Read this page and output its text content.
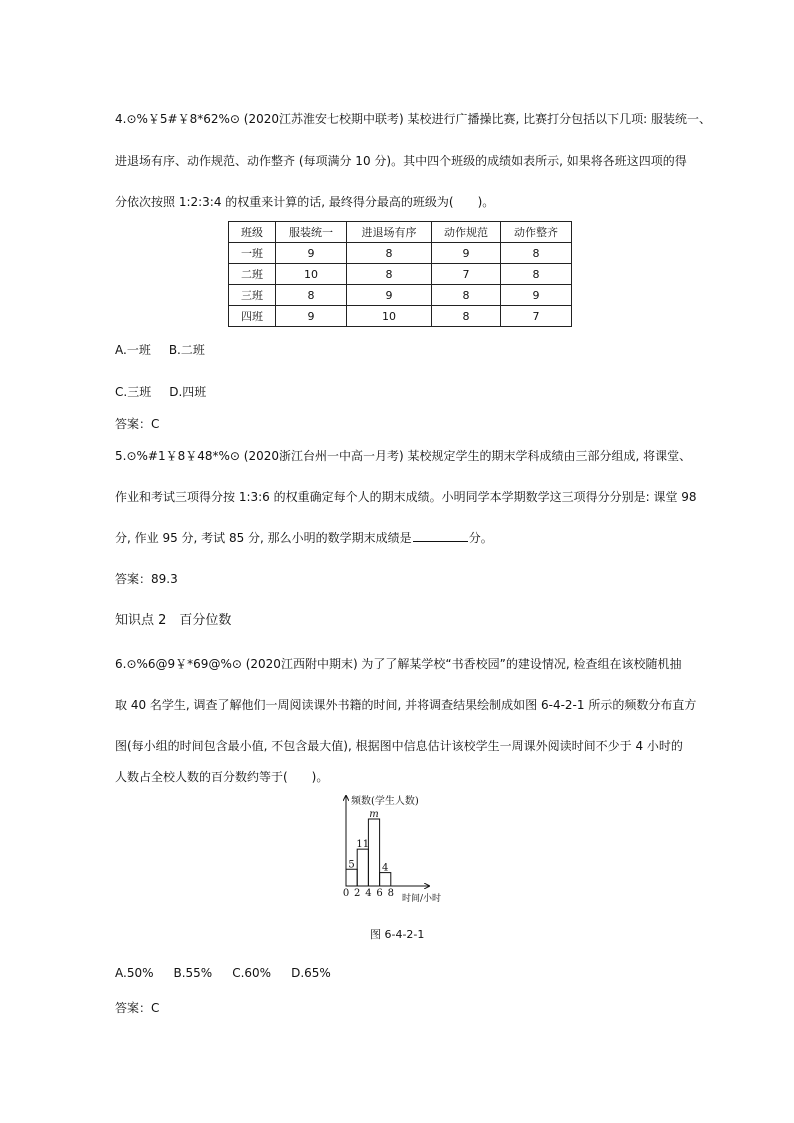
4.⊙%￥5#￥8*62%⊙ (2020江苏淮安七校期中联考) 某校进行广播操比赛, 比赛打分包括以下几项: 服装统一、
进退场有序、动作规范、动作整齐 (每项满分 10 分)。其中四个班级的成绩如表所示, 如果将各班这四项的得
分依次按照 1:2:3:4 的权重来计算的话, 最终得分最高的班级为(　　)。
班级	服装统一	进退场有序	动作规范	动作整齐
一班	9	8	9	8
二班	10	8	7	8
三班	8	9	8	9
四班	9	10	8	7
A.一班 B.二班
C.三班 D.四班
答案：C
5.⊙%#1￥8￥48*%⊙ (2020浙江台州一中高一月考) 某校规定学生的期末学科成绩由三部分组成, 将课堂、
作业和考试三项得分按 1:3:6 的权重确定每个人的期末成绩。小明同学本学期数学这三项得分分别是: 课堂 98
分, 作业 95 分, 考试 85 分, 那么小明的数学期末成绩是	分。
答案：89.3
知识点 2　百分位数
6.⊙%6@9￥*69@%⊙ (2020江西附中期末) 为了了解某学校“书香校园”的建设情况, 检查组在该校随机抽
取 40 名学生, 调查了解他们一周阅读课外书籍的时间, 并将调查结果绘制成如图 6-4-2-1 所示的频数分布直方
图(每小组的时间包含最小值, 不包含最大值), 根据图中信息估计该校学生一周课外阅读时间不少于 4 小时的
人数占全校人数的百分数约等于(　　)。
频数(学生人数)
时间/小时
5
11
m
4
0 2 4 6 8
图 6-4-2-1
A.50% B.55% C.60% D.65%
答案：C
